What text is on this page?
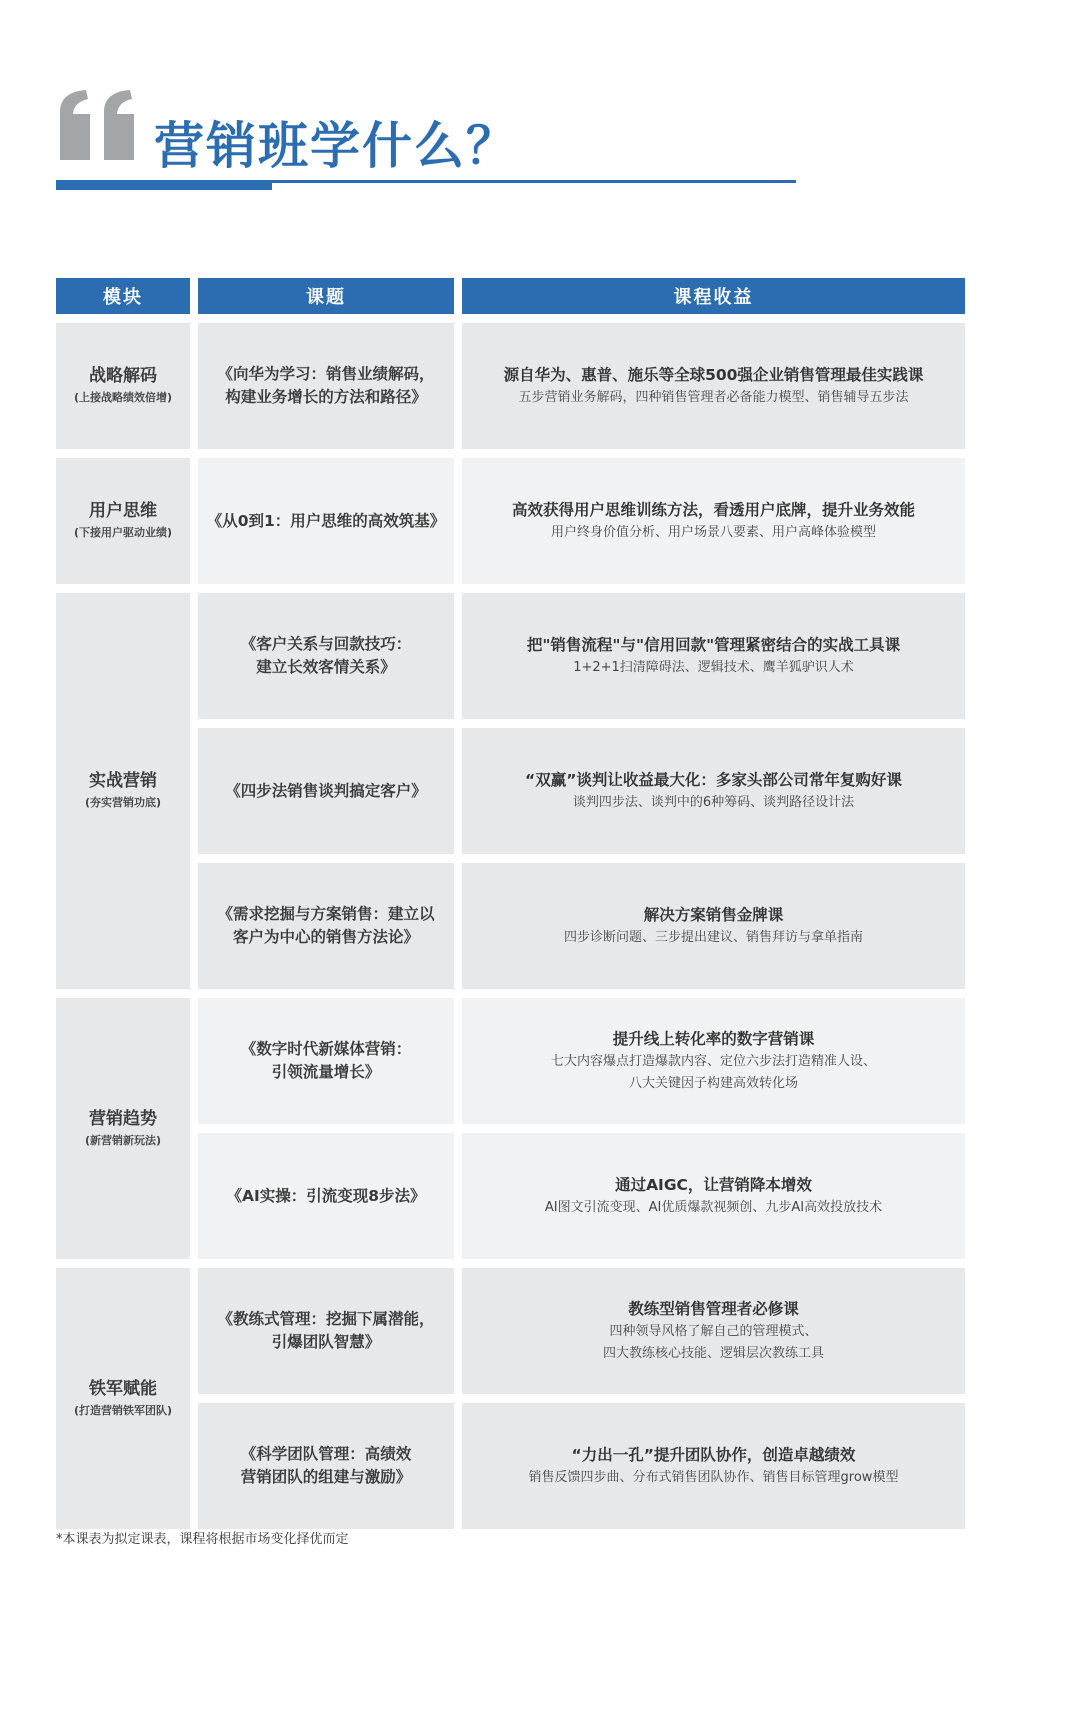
营销班学什么？
模块	课题	课程收益
战略解码
(上接战略绩效倍增)
用户思维
(下接用户驱动业绩)
实战营销
(夯实营销功底)
营销趋势
(新营销新玩法)
铁军赋能
(打造营销铁军团队)
《向华为学习：销售业绩解码，
构建业务增长的方法和路径》
源自华为、惠普、施乐等全球500强企业销售管理最佳实践课
五步营销业务解码，四种销售管理者必备能力模型、销售辅导五步法
《从0到1：用户思维的高效筑基》
高效获得用户思维训练方法，看透用户底牌，提升业务效能
用户终身价值分析、用户场景八要素、用户高峰体验模型
《客户关系与回款技巧：
建立长效客情关系》
把"销售流程"与"信用回款"管理紧密结合的实战工具课
1+2+1扫清障碍法、逻辑技术、鹰羊狐驴识人术
《四步法销售谈判搞定客户》
“双赢”谈判让收益最大化：多家头部公司常年复购好课
谈判四步法、谈判中的6种筹码、谈判路径设计法
《需求挖掘与方案销售：建立以
客户为中心的销售方法论》
解决方案销售金牌课
四步诊断问题、三步提出建议、销售拜访与拿单指南
《数字时代新媒体营销：
引领流量增长》
提升线上转化率的数字营销课
七大内容爆点打造爆款内容、定位六步法打造精准人设、
八大关键因子构建高效转化场
《AI实操：引流变现8步法》
通过AIGC，让营销降本增效
AI图文引流变现、AI优质爆款视频创、九步AI高效投放技术
《教练式管理：挖掘下属潜能，
引爆团队智慧》
教练型销售管理者必修课
四种领导风格了解自己的管理模式、
四大教练核心技能、逻辑层次教练工具
《科学团队管理：高绩效
营销团队的组建与激励》
“力出一孔”提升团队协作，创造卓越绩效
销售反馈四步曲、分布式销售团队协作、销售目标管理grow模型
*本课表为拟定课表，课程将根据市场变化择优而定
